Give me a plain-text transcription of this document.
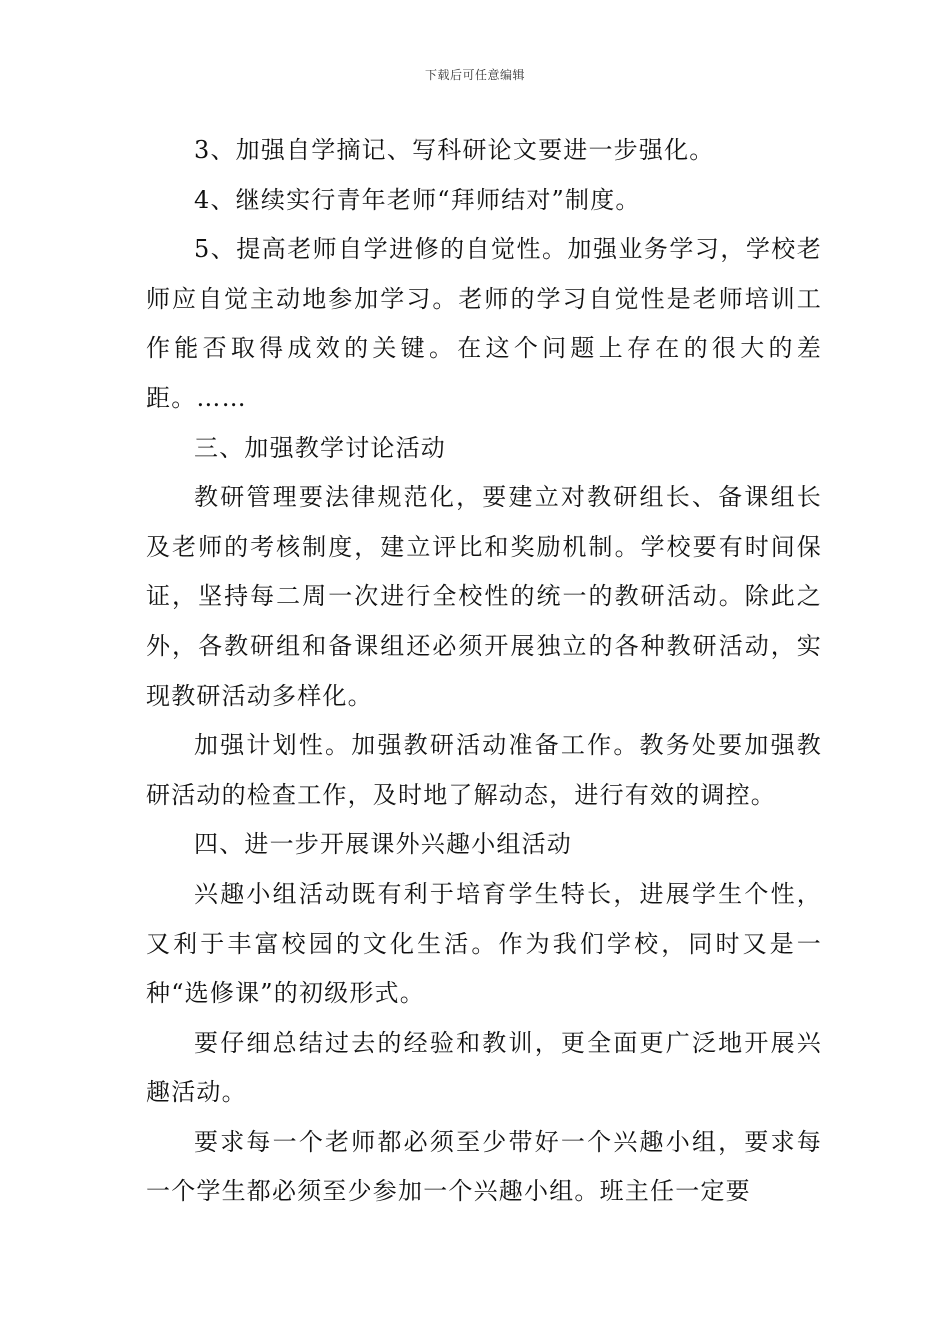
下载后可任意编辑

3、加强自学摘记、写科研论文要进一步强化。

4、继续实行青年老师“拜师结对”制度。

5、提高老师自学进修的自觉性。加强业务学习，学校老师应自觉主动地参加学习。老师的学习自觉性是老师培训工作能否取得成效的关键。在这个问题上存在的很大的差距。……

三、加强教学讨论活动

教研管理要法律规范化，要建立对教研组长、备课组长及老师的考核制度，建立评比和奖励机制。学校要有时间保证，坚持每二周一次进行全校性的统一的教研活动。除此之外，各教研组和备课组还必须开展独立的各种教研活动，实现教研活动多样化。

加强计划性。加强教研活动准备工作。教务处要加强教研活动的检查工作，及时地了解动态，进行有效的调控。

四、进一步开展课外兴趣小组活动

兴趣小组活动既有利于培育学生特长，进展学生个性，又利于丰富校园的文化生活。作为我们学校，同时又是一种“选修课”的初级形式。

要仔细总结过去的经验和教训，更全面更广泛地开展兴趣活动。

要求每一个老师都必须至少带好一个兴趣小组，要求每一个学生都必须至少参加一个兴趣小组。班主任一定要
